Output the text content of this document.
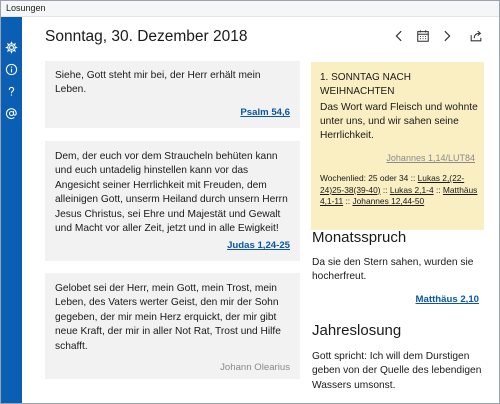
Losungen
Sonntag, 30. Dezember 2018
Siehe, Gott steht mir bei, der Herr erhält mein Leben.
Psalm 54,6
Dem, der euch vor dem Straucheln behüten kann und euch untadelig hinstellen kann vor das Angesicht seiner Herrlichkeit mit Freuden, dem alleinigen Gott, unserm Heiland durch unsern Herrn Jesus Christus, sei Ehre und Majestät und Gewalt und Macht vor aller Zeit, jetzt und in alle Ewigkeit!
Judas 1,24-25
Gelobet sei der Herr, mein Gott, mein Trost, mein Leben, des Vaters werter Geist, den mir der Sohn gegeben, der mir mein Herz erquickt, der mir gibt neue Kraft, der mir in aller Not Rat, Trost und Hilfe schafft.
Johann Olearius
1. SONNTAG NACH WEIHNACHTEN
Das Wort ward Fleisch und wohnte unter uns, und wir sahen seine Herrlichkeit.
Johannes 1,14/LUT84
Wochenlied: 25 oder 34 :: Lukas 2,(22-24)25-38(39-40) :: Lukas 2,1-4 :: Matthäus 4,1-11 :: Johannes 12,44-50
Monatsspruch
Da sie den Stern sahen, wurden sie hocherfreut.
Matthäus 2,10
Jahreslosung
Gott spricht: Ich will dem Durstigen geben von der Quelle des lebendigen Wassers umsonst.
